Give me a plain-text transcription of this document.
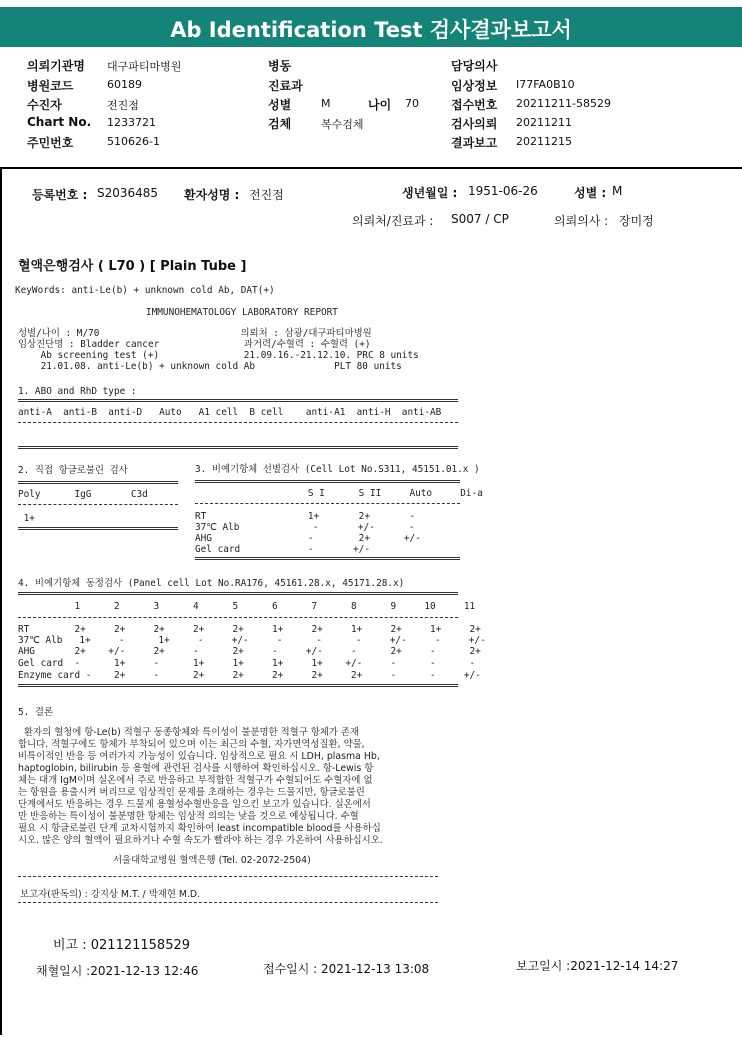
Ab Identification Test 검사결과보고서
의뢰기관명 대구파티마병원
병원코드	60189
수진자	전진점
Chart No. 1233721
주민번호	510626-1
병동
진료과
성별	M	나이 70
검체	복수검체
담당의사
임상정보 I77FA0B10
접수번호 20211211-58529
검사의뢰 20211211
결과보고 20211215
등록번호 : S2036485 환자성명 : 전진점	생년월일 : 1951-06-26	성별 : M
의뢰처/진료과 : S007 / CP	의뢰의사 : 장미정
혈액은행검사 ( L70 ) [ Plain Tube ]
KeyWords: anti-Le(b) + unknown cold Ab, DAT(+)
IMMUNOHEMATOLOGY LABORATORY REPORT
성별/나이 : M/70                         의뢰처 : 삼광/대구파티마병원
임상진단명 : Bladder cancer               과거력/수혈력 : 수혈력 (+)
Ab screening test (+)               21.09.16.-21.12.10. PRC 8 units
21.01.08. anti-Le(b) + unknown cold Ab              PLT 80 units
1. ABO and RhD type :
anti-A  anti-B  anti-D   Auto   A1 cell  B cell    anti-A1  anti-H  anti-AB
2. 직접 항글로불린 검사
Poly      IgG       C3d
1+
3. 비예기항체 선별검사 (Cell Lot No.S311, 45151.01.x )
S I      S II     Auto     Di-a
RT                  1+       2+       -
37℃ Alb             -       +/-      -
AHG                 -        2+      +/-
Gel card            -       +/-
4. 비예기항체 동정검사 (Panel cell Lot No.RA176, 45161.28.x, 45171.28.x)
1      2      3      4      5      6      7      8      9     10     11
RT        2+     2+     2+     2+     2+     1+     2+     1+     2+     1+     2+
37℃ Alb   1+     -      1+     -     +/-     -      -      -     +/-     -     +/-
AHG       2+    +/-     2+     -      2+     -     +/-     -      2+     -      2+
Gel card  -      1+     -      1+     1+     1+     1+    +/-     -      -      -
Enzyme card -    2+     -      2+     2+     2+     2+     2+     -      -     +/-
5. 결론
환자의 혈청에 항-Le(b) 적혈구 동종항체와 특이성이 불분명한 적혈구 항체가 존재
합니다. 적혈구에도 항체가 부착되어 있으며 이는 최근의 수혈, 자가면역성질환, 약물,
비특이적인 반응 등 여러가지 가능성이 있습니다. 임상적으로 필요 시 LDH, plasma Hb,
haptoglobin, bilirubin 등 용혈에 관련된 검사를 시행하여 확인하십시오. 항-Lewis 항
체는 대개 IgM이며 실온에서 주로 반응하고 부적합한 적혈구가 수혈되어도 수혈자에 없
는 항원을 용출시켜 버리므로 임상적인 문제를 초래하는 경우는 드물지만, 항글로불린
단계에서도 반응하는 경우 드물게 용혈성수혈반응을 일으킨 보고가 있습니다. 실온에서
만 반응하는 특이성이 불분명한 항체는 임상적 의의는 낮을 것으로 예상됩니다. 수혈
필요 시 항글로불린 단계 교차시험까지 확인하여 least incompatible blood를 사용하십
시오. 많은 양의 혈액이 필요하거나 수혈 속도가 빨라야 하는 경우 가온하여 사용하십시오.
서울대학교병원 혈액은행 (Tel. 02-2072-2504)
보고자(판독의) : 강지상 M.T. / 박재현 M.D.
비고 : 021121158529
채혈일시 :2021-12-13 12:46	접수일시 : 2021-12-13 13:08	보고일시 :2021-12-14 14:27
